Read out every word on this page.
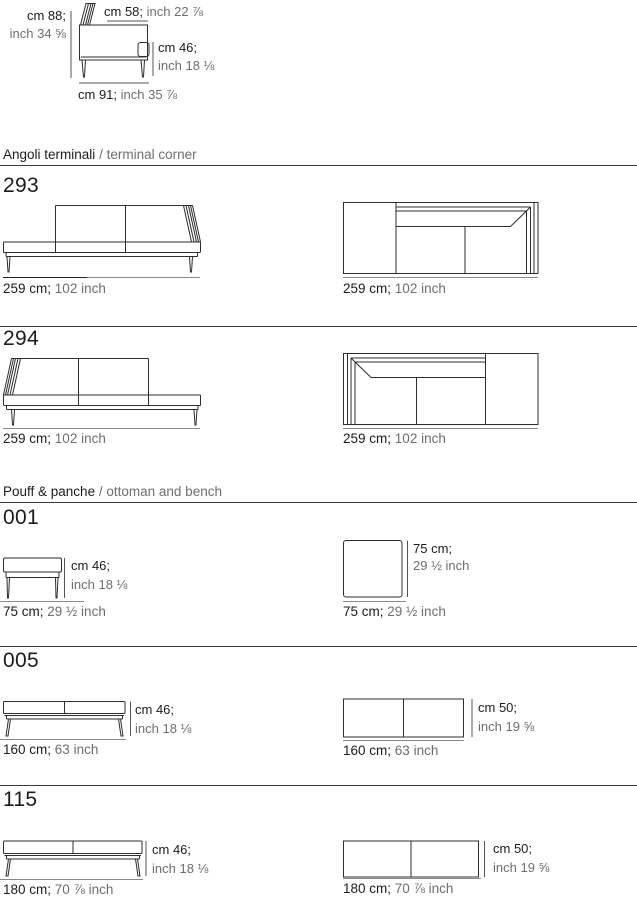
cm 88;
inch 34 ⅝
cm 58; inch 22 ⅞
cm 46;
inch 18 ⅛
cm 91; inch 35 ⅞
Angoli terminali / terminal corner
293
259 cm; 102 inch	259 cm; 102 inch
294
259 cm; 102 inch	259 cm; 102 inch
Pouff & panche / ottoman and bench
001
cm 46;
inch 18 ⅛
75 cm; 29 ½ inch
75 cm;
29 ½ inch
75 cm; 29 ½ inch
005
cm 46;
inch 18 ⅛
160 cm; 63 inch
cm 50;
inch 19 ⅝
160 cm; 63 inch
115
cm 46;
inch 18 ⅛
180 cm; 70 ⅞ inch
cm 50;
inch 19 ⅝
180 cm; 70 ⅞ inch
